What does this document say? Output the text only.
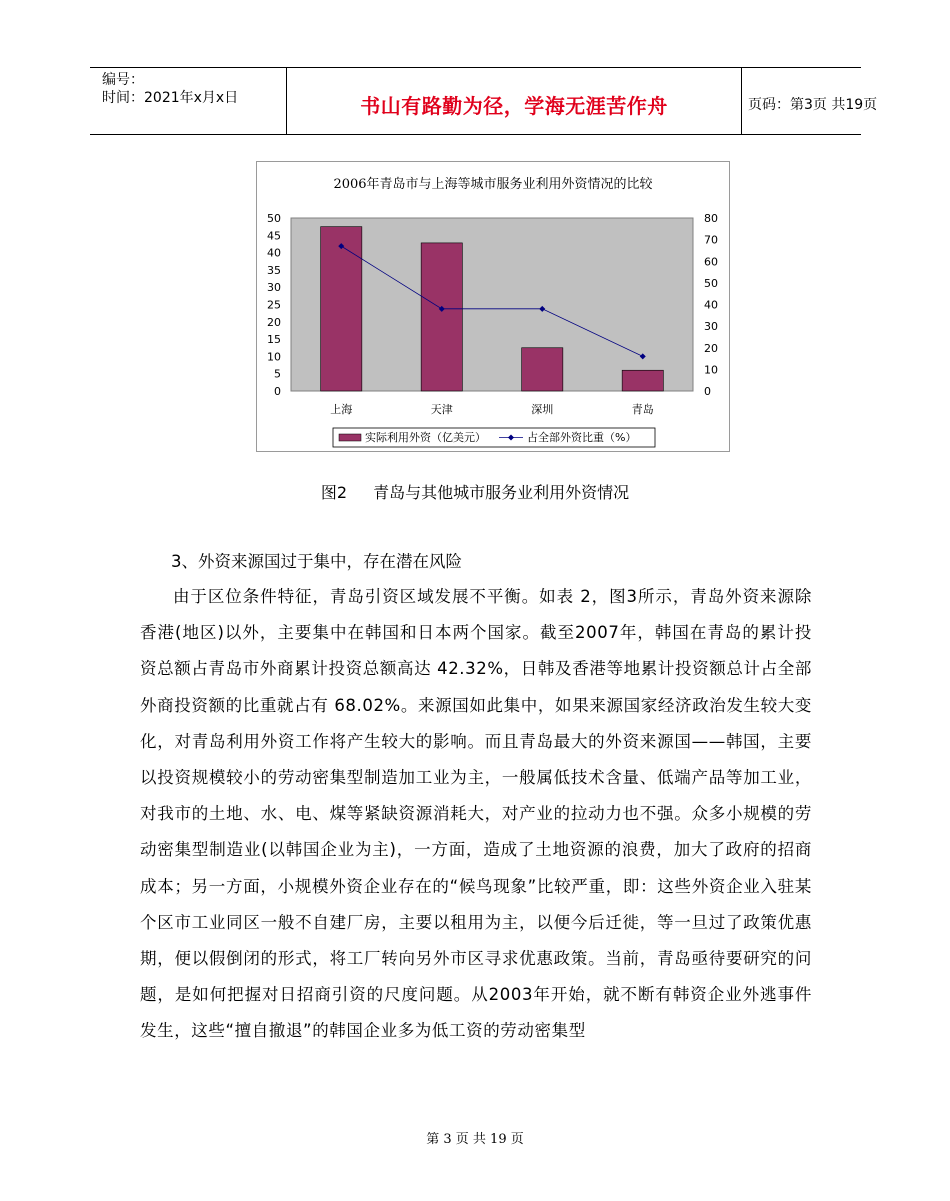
编号：
时间：2021年x月x日	书山有路勤为径，学海无涯苦作舟	页码：第3页 共19页
2006年青岛市与上海等城市服务业利用外资情况的比较
0
5
10
15
20
25
30
35
40
45
50
0
10
20
30
40
50
60
70
80
上海	天津	深圳	青岛
实际利用外资（亿美元）	占全部外资比重（%）
图2 青岛与其他城市服务业利用外资情况
3、外资来源国过于集中，存在潜在风险

由于区位条件特征，青岛引资区域发展不平衡。如表 2，图3所示，青岛外资来源除香港(地区)以外，主要集中在韩国和日本两个国家。截至2007年，韩国在青岛的累计投资总额占青岛市外商累计投资总额高达 42.32%，日韩及香港等地累计投资额总计占全部外商投资额的比重就占有 68.02%。来源国如此集中，如果来源国家经济政治发生较大变化，对青岛利用外资工作将产生较大的影响。而且青岛最大的外资来源国——韩国，主要以投资规模较小的劳动密集型制造加工业为主，一般属低技术含量、低端产品等加工业，对我市的土地、水、电、煤等紧缺资源消耗大，对产业的拉动力也不强。众多小规模的劳动密集型制造业(以韩国企业为主)，一方面，造成了土地资源的浪费，加大了政府的招商成本；另一方面，小规模外资企业存在的“候鸟现象”比较严重，即：这些外资企业入驻某个区市工业同区一般不自建厂房，主要以租用为主，以便今后迁徙，等一旦过了政策优惠期，便以假倒闭的形式，将工厂转向另外市区寻求优惠政策。当前，青岛亟待要研究的问题，是如何把握对日招商引资的尺度问题。从2003年开始，就不断有韩资企业外逃事件发生，这些“擅自撤退”的韩国企业多为低工资的劳动密集型

第 3 页 共 19 页
